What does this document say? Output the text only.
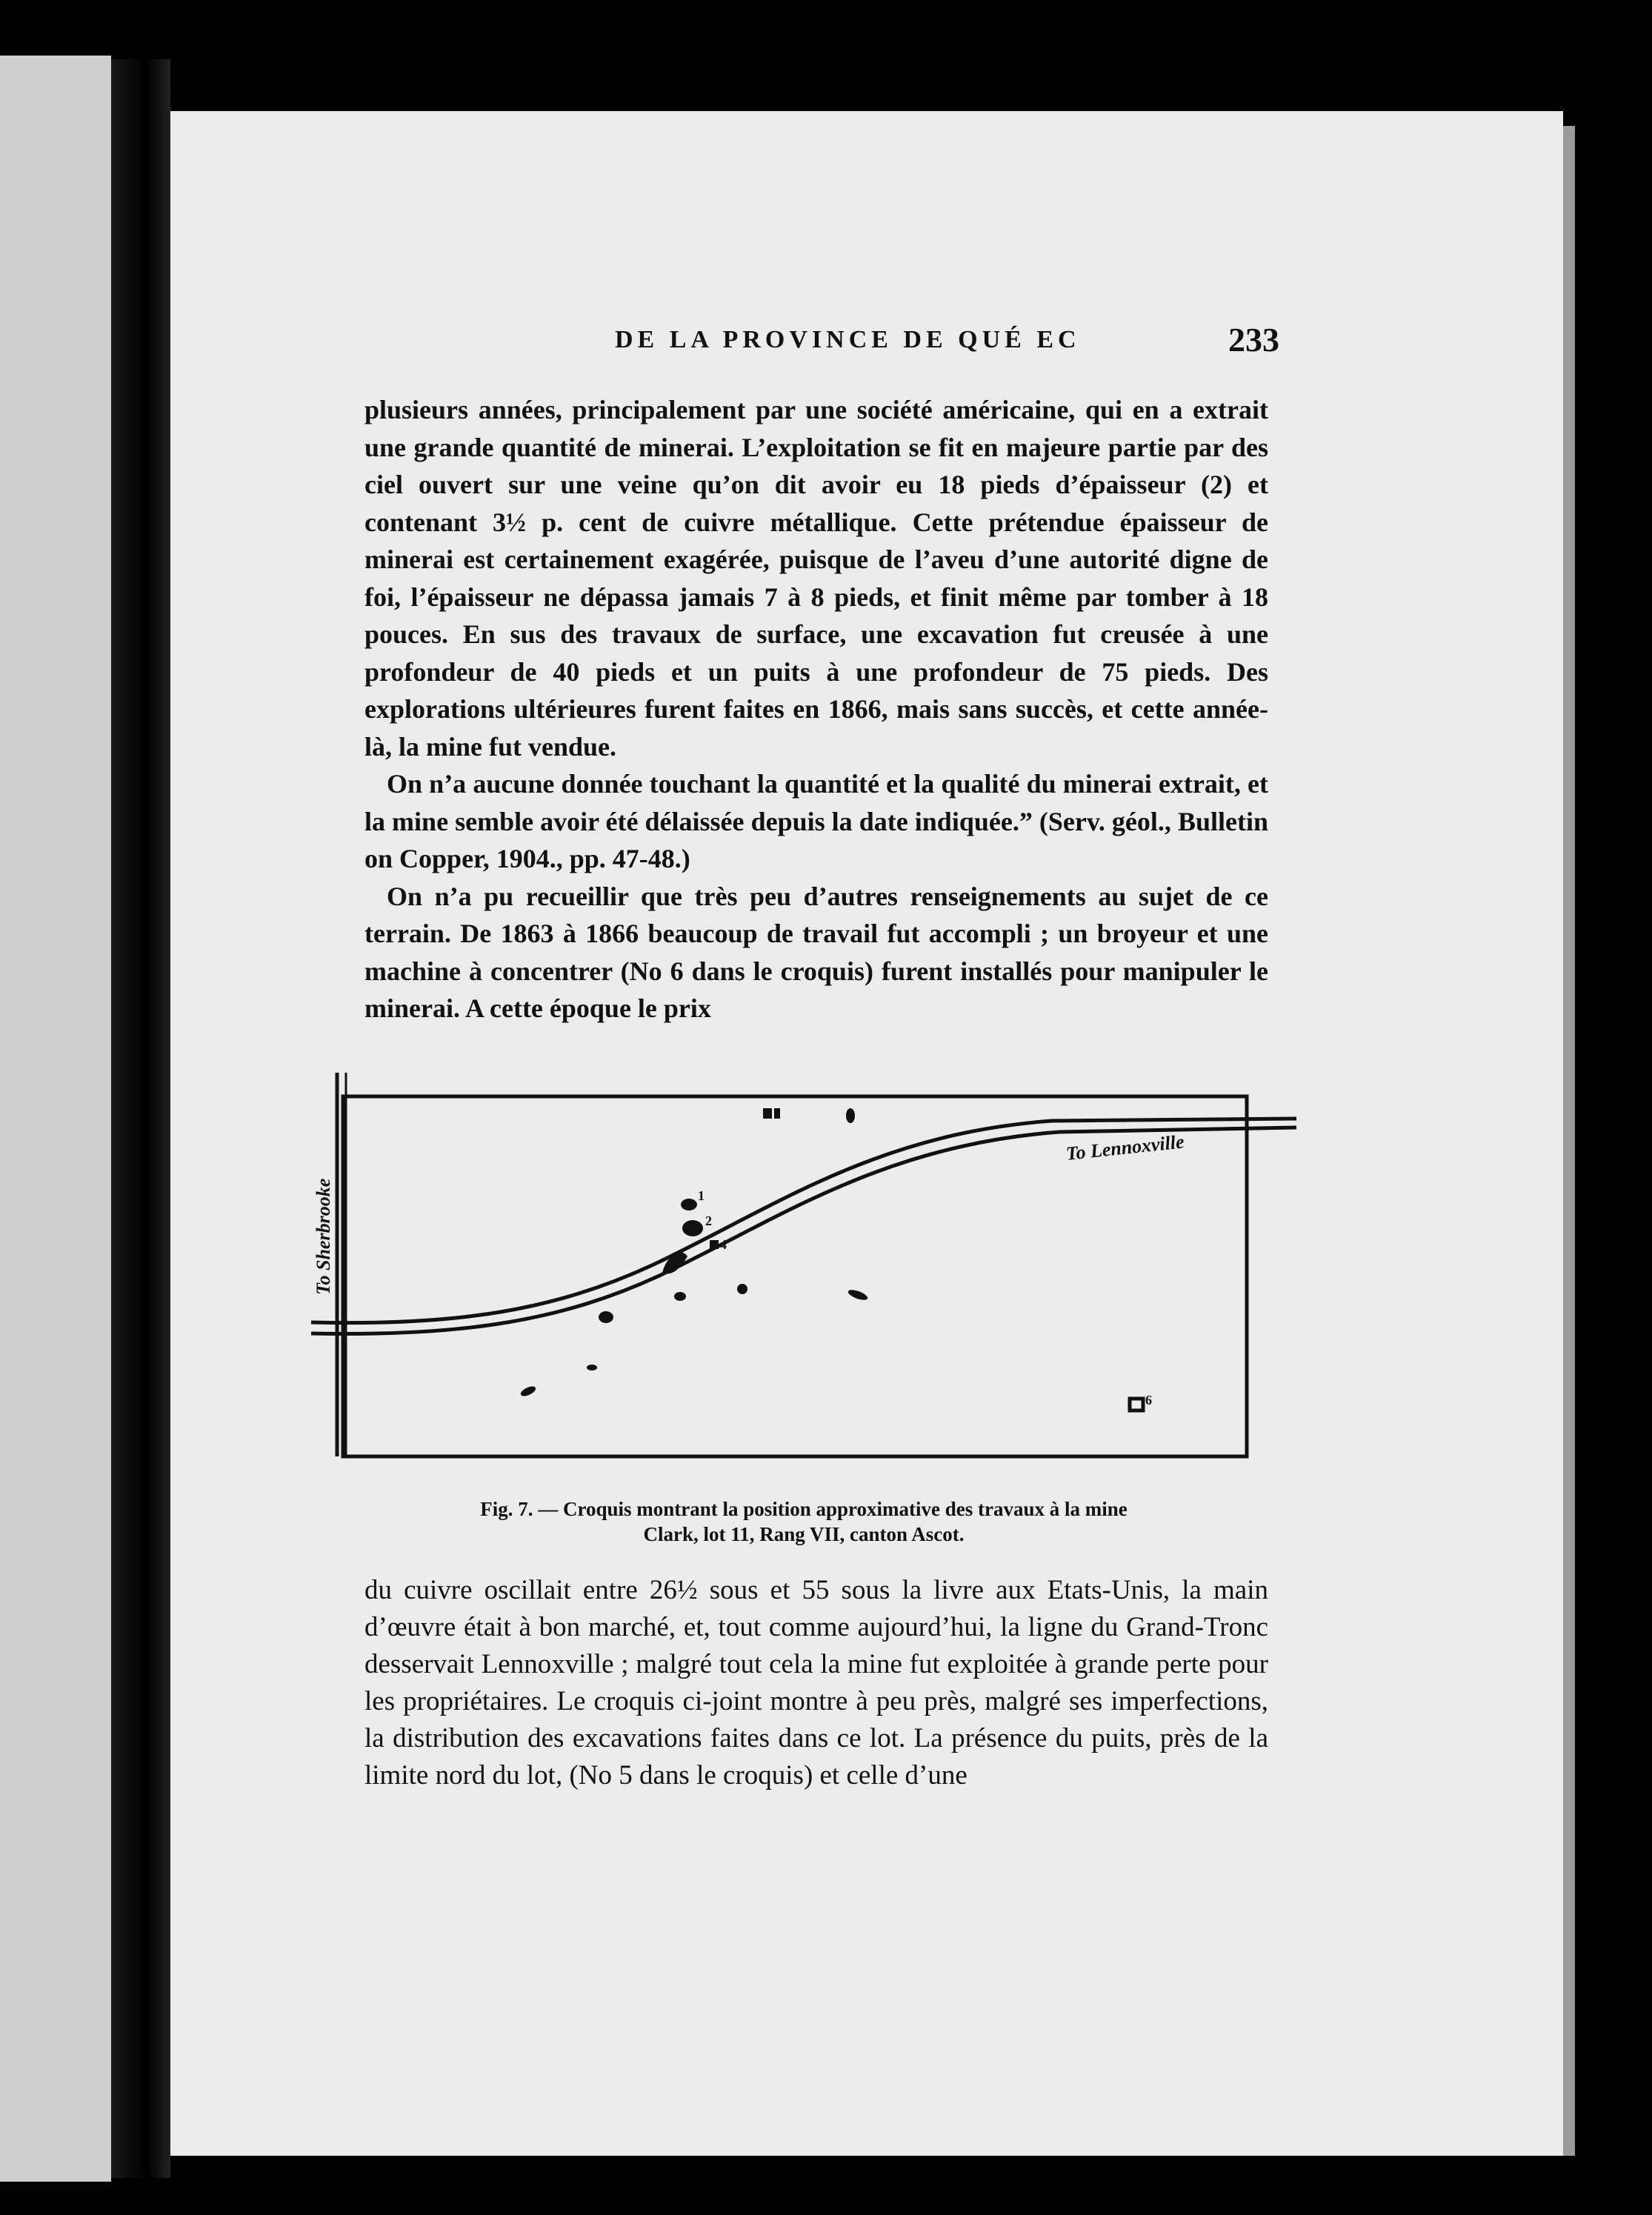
DE LA PROVINCE DE QUÉ EC	233

plusieurs années, principalement par une société américaine, qui en a extrait une grande quantité de minerai. L’exploitation se fit en majeure partie par des ciel ouvert sur une veine qu’on dit avoir eu 18 pieds d’épaisseur (2) et contenant 3½ p. cent de cuivre métallique. Cette prétendue épaisseur de minerai est certainement exagérée, puisque de l’aveu d’une autorité digne de foi, l’épaisseur ne dépassa jamais 7 à 8 pieds, et finit même par tomber à 18 pouces. En sus des travaux de surface, une excavation fut creusée à une profondeur de 40 pieds et un puits à une profondeur de 75 pieds. Des explorations ultérieures furent faites en 1866, mais sans succès, et cette année-là, la mine fut vendue.

On n’a aucune donnée touchant la quantité et la qualité du minerai extrait, et la mine semble avoir été délaissée depuis la date indiquée.” (Serv. géol., Bulletin on Copper, 1904., pp. 47-48.)

On n’a pu recueillir que très peu d’autres renseignements au sujet de ce terrain. De 1863 à 1866 beaucoup de travail fut accompli ; un broyeur et une machine à concentrer (No 6 dans le croquis) furent installés pour manipuler le minerai. A cette époque le prix

To Sherbrooke
To Lennoxville
1
2
4
6
Fig. 7. — Croquis montrant la position approximative des travaux à la mine
Clark, lot 11, Rang VII, canton Ascot.

du cuivre oscillait entre 26½ sous et 55 sous la livre aux Etats-Unis, la main d’œuvre était à bon marché, et, tout comme aujourd’hui, la ligne du Grand-Tronc desservait Lennoxville ; malgré tout cela la mine fut exploitée à grande perte pour les propriétaires. Le croquis ci-joint montre à peu près, malgré ses imperfections, la distribution des excavations faites dans ce lot. La présence du puits, près de la limite nord du lot, (No 5 dans le croquis) et celle d’une
